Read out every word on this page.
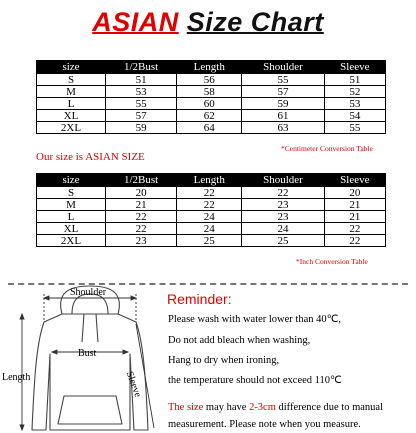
ASIAN Size Chart
size	1/2Bust	Length	Shoulder	Sleeve
S	51	56	55	51
M	53	58	57	52
L	55	60	59	53
XL	57	62	61	54
2XL	59	64	63	55
*Centimeter Conversion Table
Our size is ASIAN SIZE
size	1/2Bust	Length	Shoulder	Sleeve
S	20	22	22	20
M	21	22	23	21
L	22	24	23	21
XL	22	24	24	22
2XL	23	25	25	22
*Inch Conversion Table
Shoulder
Bust
Length	Sleeve
Reminder:
Please wash with water lower than 40℃,
Do not add bleach when washing,
Hang to dry when ironing,
the temperature should not exceed 110℃
The size may have 2-3cm difference due to manual
measurement. Please note when you measure.
